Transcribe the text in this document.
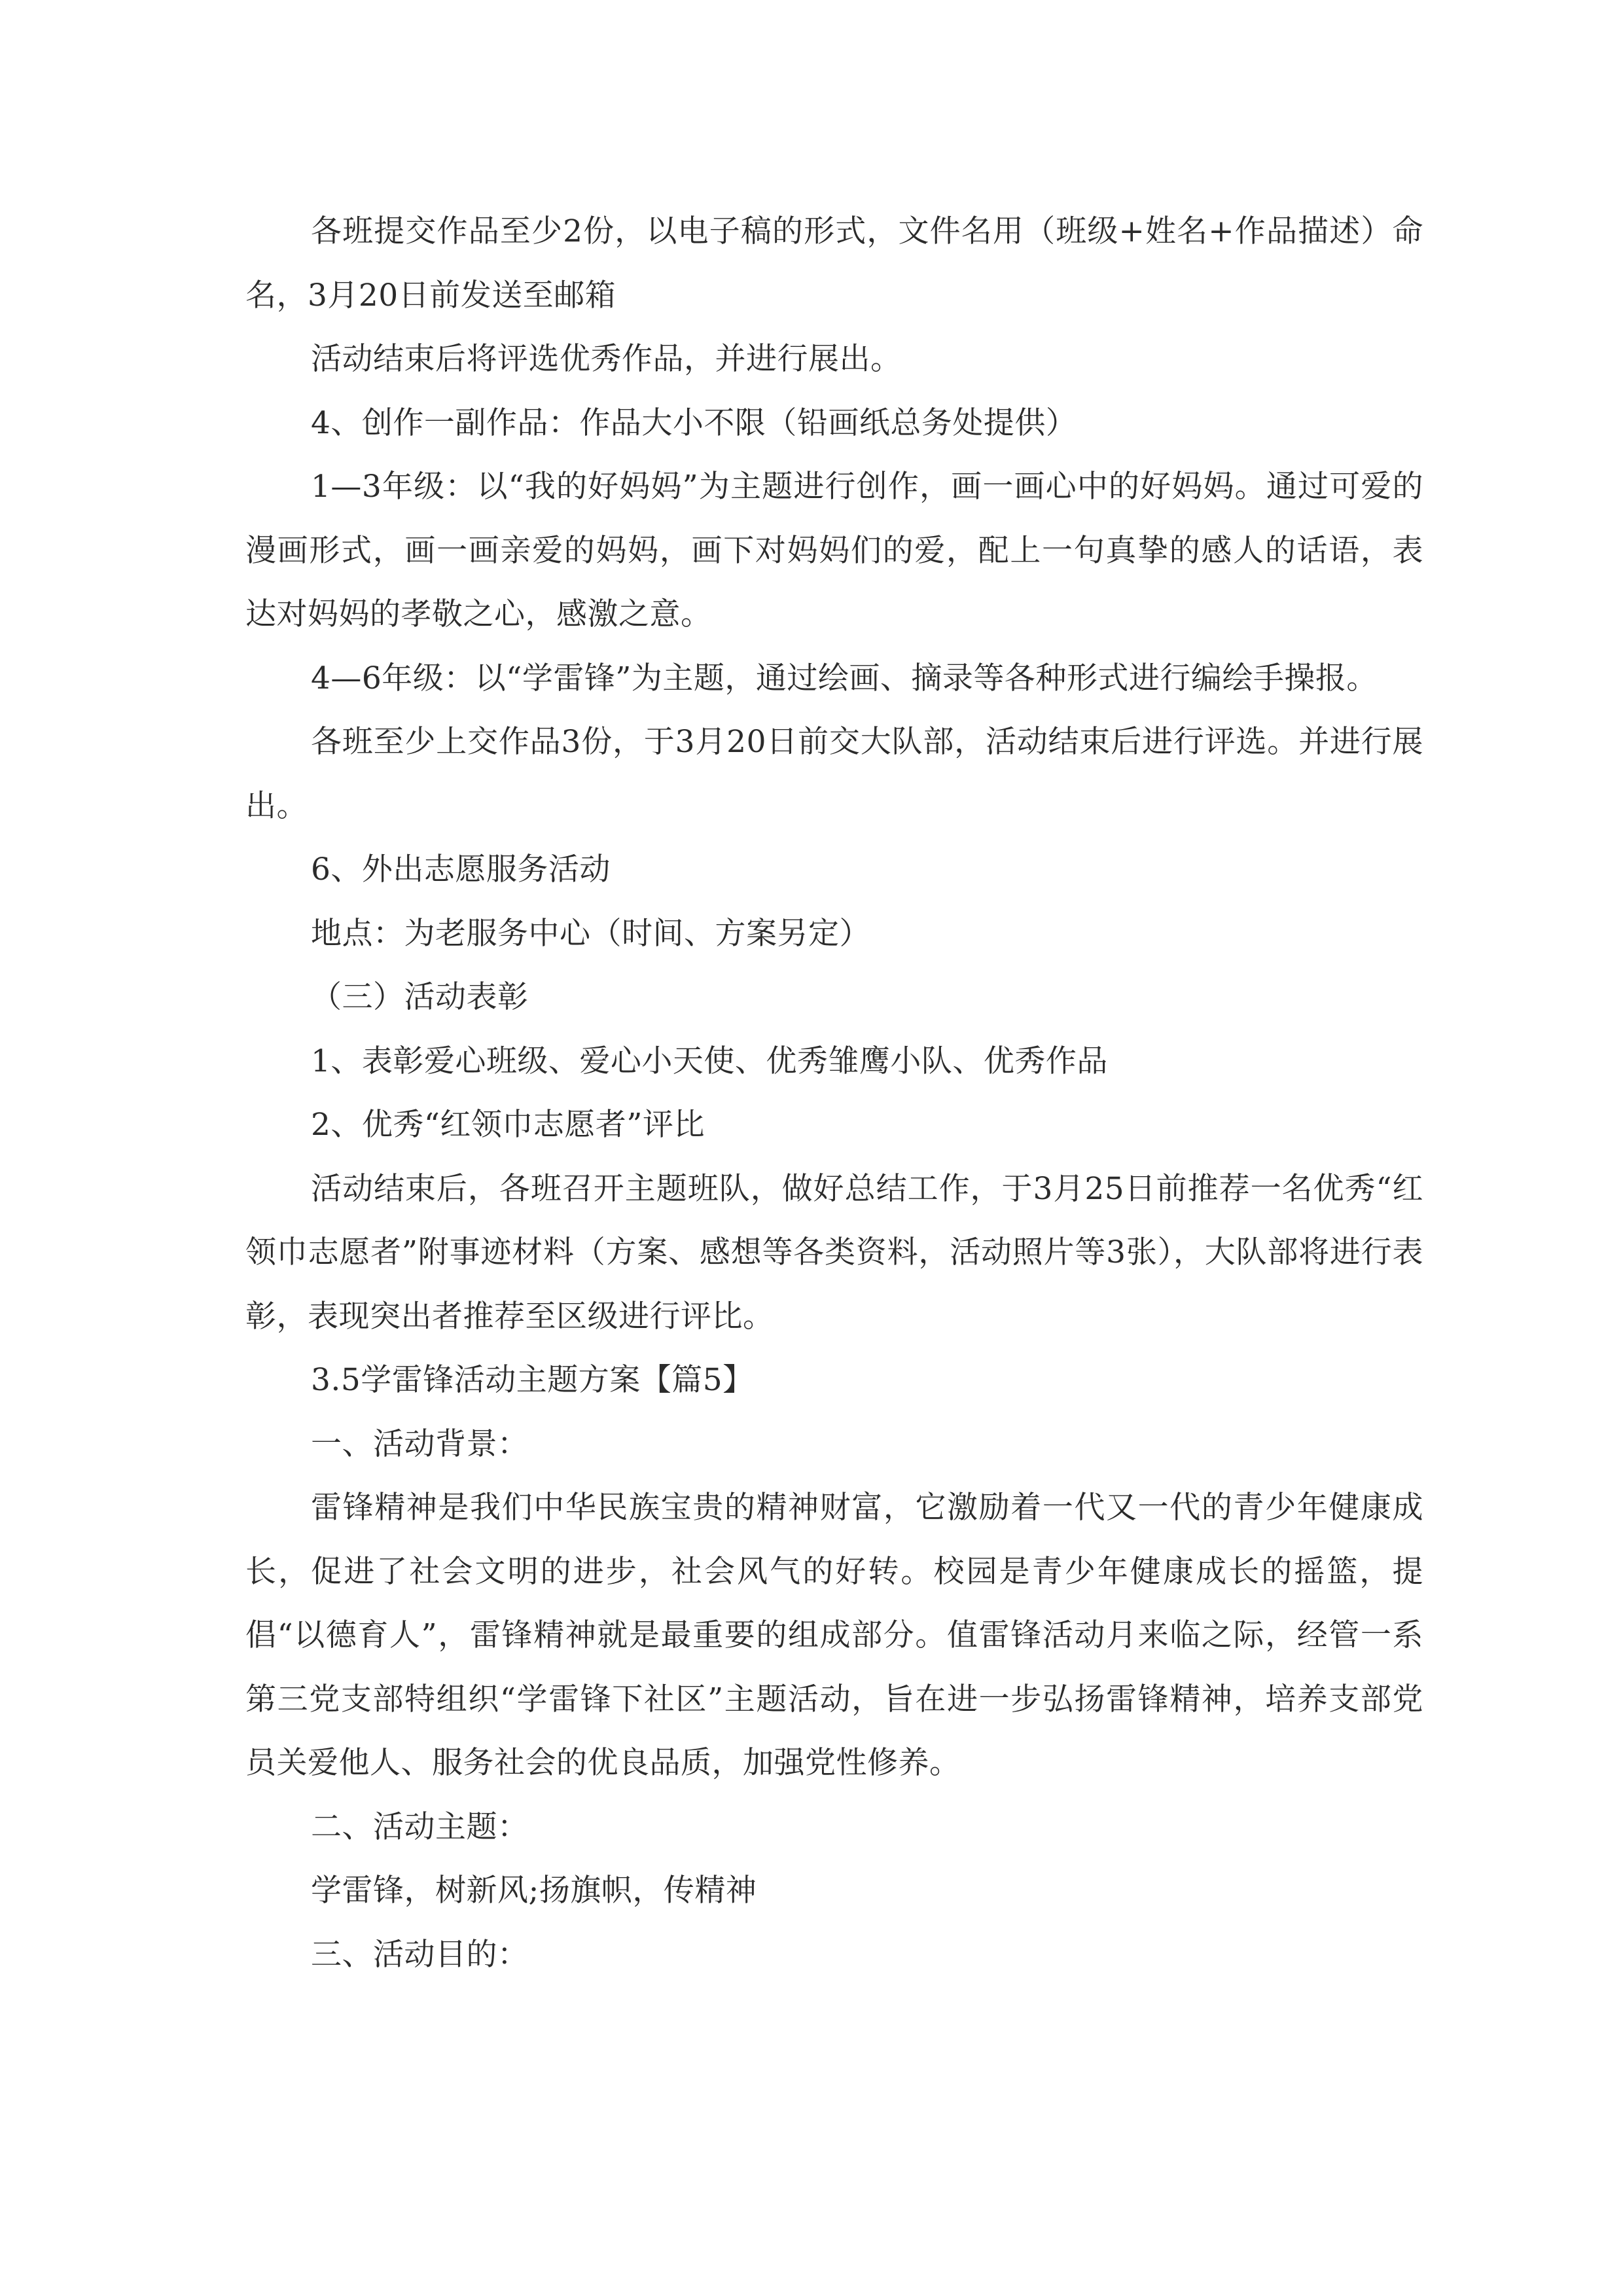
各班提交作品至少2份，以电子稿的形式，文件名用（班级+姓名+作品描述）命名，3月20日前发送至邮箱

活动结束后将评选优秀作品，并进行展出。

4、创作一副作品：作品大小不限（铅画纸总务处提供）

1—3年级：以“我的好妈妈”为主题进行创作，画一画心中的好妈妈。通过可爱的漫画形式，画一画亲爱的妈妈，画下对妈妈们的爱，配上一句真挚的感人的话语，表达对妈妈的孝敬之心，感激之意。

4—6年级：以“学雷锋”为主题，通过绘画、摘录等各种形式进行编绘手操报。

各班至少上交作品3份，于3月20日前交大队部，活动结束后进行评选。并进行展出。

6、外出志愿服务活动

地点：为老服务中心（时间、方案另定）

（三）活动表彰

1、表彰爱心班级、爱心小天使、优秀雏鹰小队、优秀作品

2、优秀“红领巾志愿者”评比

活动结束后，各班召开主题班队，做好总结工作，于3月25日前推荐一名优秀“红领巾志愿者”附事迹材料（方案、感想等各类资料，活动照片等3张），大队部将进行表彰，表现突出者推荐至区级进行评比。

3.5学雷锋活动主题方案【篇5】

一、活动背景：

雷锋精神是我们中华民族宝贵的精神财富，它激励着一代又一代的青少年健康成长，促进了社会文明的进步，社会风气的好转。校园是青少年健康成长的摇篮，提倡“以德育人”，雷锋精神就是最重要的组成部分。值雷锋活动月来临之际，经管一系第三党支部特组织“学雷锋下社区”主题活动，旨在进一步弘扬雷锋精神，培养支部党员关爱他人、服务社会的优良品质，加强党性修养。

二、活动主题：

学雷锋，树新风;扬旗帜，传精神

三、活动目的：
